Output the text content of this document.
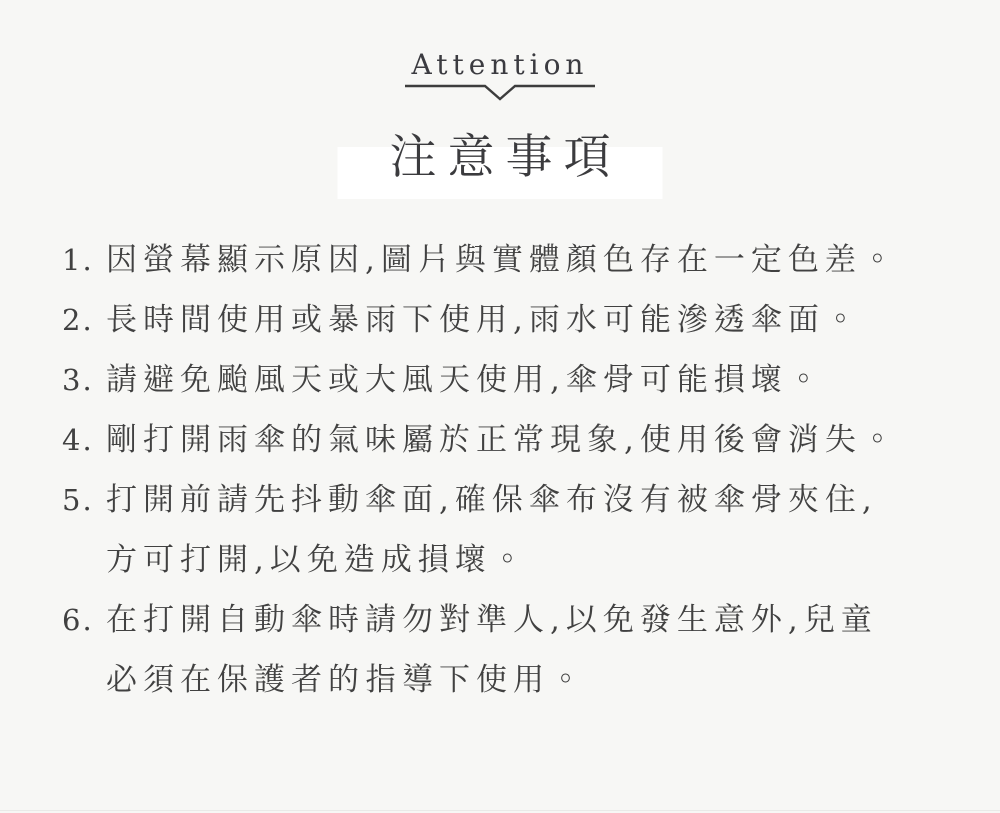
Attention
注意事項
1. 因螢幕顯示原因,圖片與實體顏色存在一定色差。
2. 長時間使用或暴雨下使用,雨水可能滲透傘面。
3. 請避免颱風天或大風天使用,傘骨可能損壞。
4. 剛打開雨傘的氣味屬於正常現象,使用後會消失。
5. 打開前請先抖動傘面,確保傘布沒有被傘骨夾住,
方可打開,以免造成損壞。
6. 在打開自動傘時請勿對準人,以免發生意外,兒童
必須在保護者的指導下使用。
